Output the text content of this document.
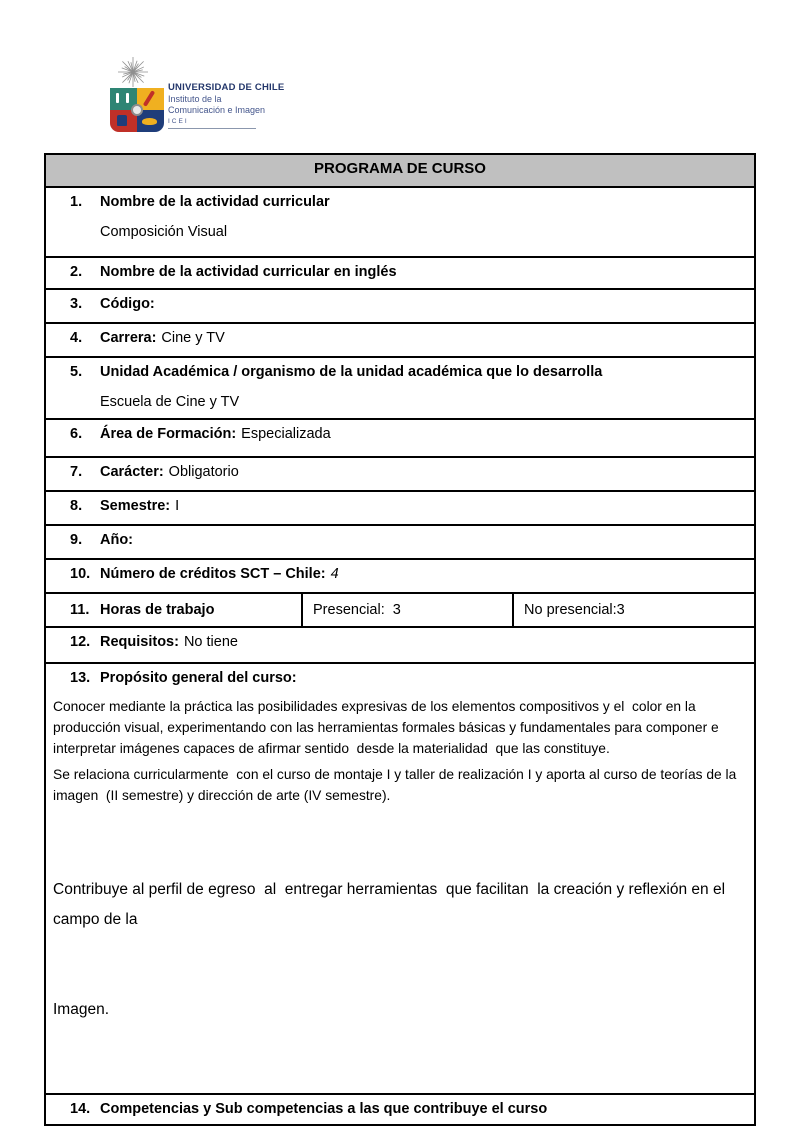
UNIVERSIDAD DE CHILE
Instituto de la
Comunicación e Imagen
ICEI
PROGRAMA DE CURSO
1. Nombre de la actividad curricular
Composición Visual
2. Nombre de la actividad curricular en inglés
3. Código:
4. Carrera: Cine y TV
5. Unidad Académica / organismo de la unidad académica que lo desarrolla
Escuela de Cine y TV
6. Área de Formación: Especializada
7. Carácter: Obligatorio
8. Semestre: I
9. Año:
10. Número de créditos SCT – Chile: 4
11. Horas de trabajo	Presencial:  3	No presencial:3
12. Requisitos: No tiene
13. Propósito general del curso:
Conocer mediante la práctica las posibilidades expresivas de los elementos compositivos y el  color en la producción visual, experimentando con las herramientas formales básicas y fundamentales para componer e interpretar imágenes capaces de afirmar sentido  desde la materialidad  que las constituye.
Se relaciona curricularmente  con el curso de montaje I y taller de realización I y aporta al curso de teorías de la imagen  (II semestre) y dirección de arte (IV semestre).

Contribuye al perfil de egreso  al  entregar herramientas  que facilitan  la creación y reflexión en el campo de la

Imagen.

14. Competencias y Sub competencias a las que contribuye el curso
